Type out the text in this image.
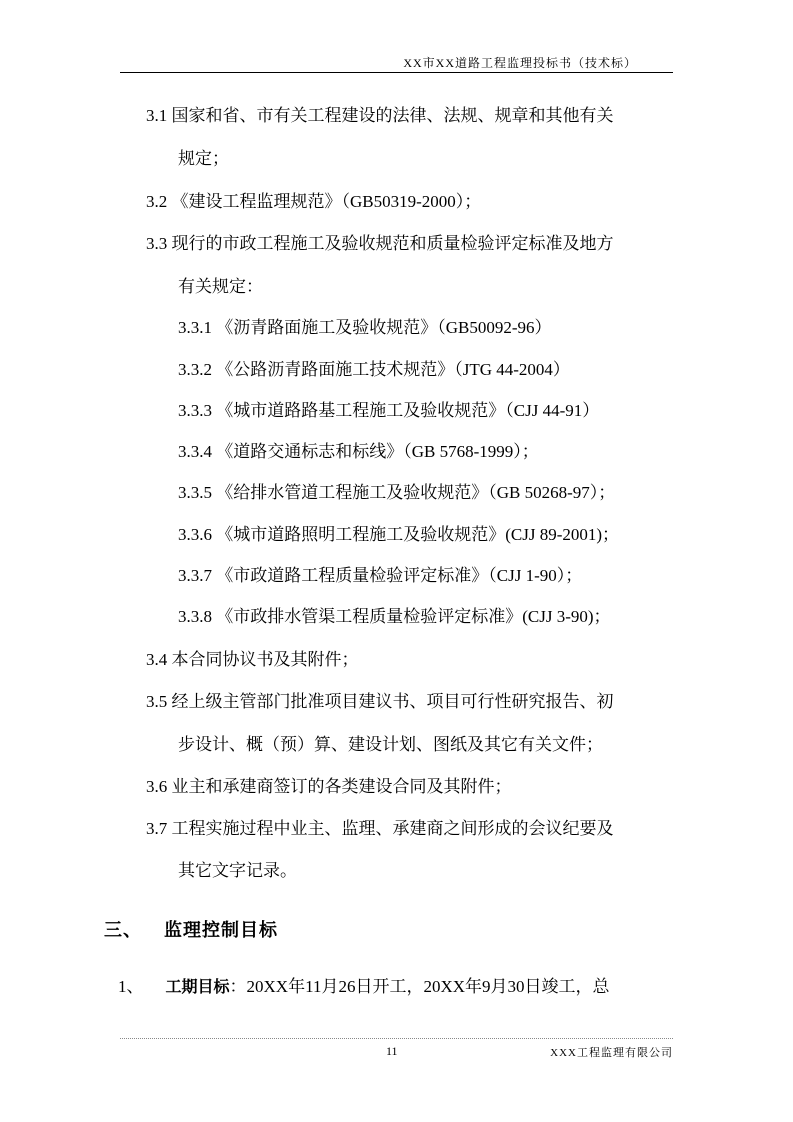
XX市XX道路工程监理投标书（技术标）
3.1 国家和省、市有关工程建设的法律、法规、规章和其他有关
规定；
3.2 《建设工程监理规范》（GB50319-2000）；
3.3 现行的市政工程施工及验收规范和质量检验评定标准及地方
有关规定：
3.3.1 《沥青路面施工及验收规范》（GB50092-96）
3.3.2 《公路沥青路面施工技术规范》（JTG 44-2004）
3.3.3 《城市道路路基工程施工及验收规范》（CJJ 44-91）
3.3.4 《道路交通标志和标线》（GB 5768-1999）；
3.3.5 《给排水管道工程施工及验收规范》（GB 50268-97）；
3.3.6 《城市道路照明工程施工及验收规范》(CJJ 89-2001)；
3.3.7 《市政道路工程质量检验评定标准》（CJJ 1-90）；
3.3.8 《市政排水管渠工程质量检验评定标准》(CJJ 3-90)；
3.4 本合同协议书及其附件；
3.5 经上级主管部门批准项目建议书、项目可行性研究报告、初
步设计、概（预）算、建设计划、图纸及其它有关文件；
3.6 业主和承建商签订的各类建设合同及其附件；
3.7 工程实施过程中业主、监理、承建商之间形成的会议纪要及
其它文字记录。
三、 监理控制目标
1、 工期目标：20XX年11月26日开工，20XX年9月30日竣工，总
11	XXX工程监理有限公司
